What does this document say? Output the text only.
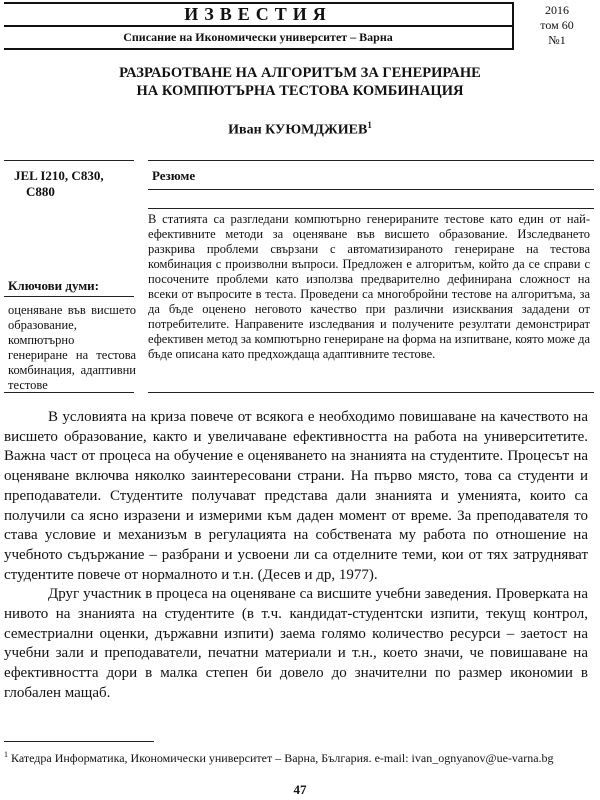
ИЗВЕСТИЯ
Списание на Икономически университет – Варна
2016
том 60
№1
РАЗРАБОТВАНЕ НА АЛГОРИТЪМ ЗА ГЕНЕРИРАНЕ
НА КОМПЮТЪРНА ТЕСТОВА КОМБИНАЦИЯ
Иван КУЮМДЖИЕВ$^1$
JEL I210, C830,
C880
Резюме
Ключови думи:
оценяване във висшето образование, компютърно генериране на тестова комбинация, адаптивни тестове
В статията са разгледани компютърно генерираните тестове като един от най-ефективните методи за оценяване във висшето образование. Изследването разкрива проблеми свързани с автоматизираното генериране на тестова комбинация с произволни въпроси. Предложен е алгоритъм, който да се справи с посочените проблеми като използва предварително дефинирана сложност на всеки от въпросите в теста. Проведени са многобройни тестове на алгоритъма, за да бъде оценено неговото качество при различни изисквания зададени от потребителите. Направените изследвания и получените резултати демонстрират ефективен метод за компютърно генериране на форма на изпитване, която може да бъде описана като предхождаща адаптивните тестове.

В условията на криза повече от всякога е необходимо повишаване на качеството на висшето образование, както и увеличаване ефективността на работа на университетите. Важна част от процеса на обучение е оценяването на знанията на студентите. Процесът на оценяване включва няколко заинтересовани страни. На първо място, това са студенти и преподаватели. Студентите получават представа дали знанията и уменията, които са получили са ясно изразени и измерими към даден момент от време. За преподавателя то става условие и механизъм в регулацията на собствената му работа по отношение на учебното съдържание – разбрани и усвоени ли са отделните теми, кои от тях затрудняват студентите повече от нормалното и т.н. (Десев и др, 1977).

Друг участник в процеса на оценяване са висшите учебни заведения. Проверката на нивото на знанията на студентите (в т.ч. кандидат-студентски изпити, текущ контрол, семестриални оценки, държавни изпити) заема голямо количество ресурси – заетост на учебни зали и преподаватели, печатни материали и т.н., което значи, че повишаване на ефективността дори в малка степен би довело до значителни по размер икономии в глобален мащаб.

$^1$ Катедра Информатика, Икономически университет – Варна, България. e-mail: ivan_ognyanov@ue-varna.bg
47
